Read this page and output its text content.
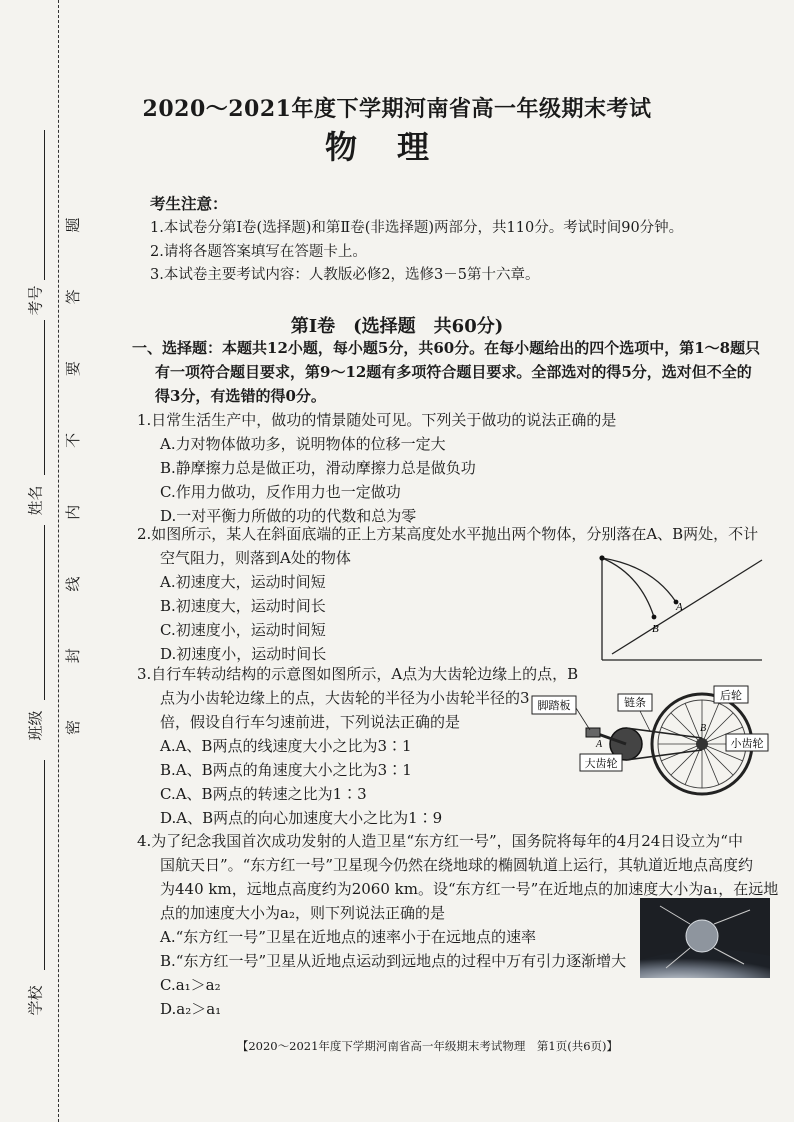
考号
姓名
班级
学校
密 封 线 内 不 要 答 题
2020～2021年度下学期河南省高一年级期末考试
物理
考生注意：
1.本试卷分第Ⅰ卷(选择题)和第Ⅱ卷(非选择题)两部分，共110分。考试时间90分钟。
2.请将各题答案填写在答题卡上。
3.本试卷主要考试内容：人教版必修2，选修3－5第十六章。
第Ⅰ卷　(选择题　共60分)
一、选择题：本题共12小题，每小题5分，共60分。在每小题给出的四个选项中，第1～8题只
有一项符合题目要求，第9～12题有多项符合题目要求。全部选对的得5分，选对但不全的
得3分，有选错的得0分。
1.日常生活生产中，做功的情景随处可见。下列关于做功的说法正确的是
A.力对物体做功多，说明物体的位移一定大
B.静摩擦力总是做正功，滑动摩擦力总是做负功
C.作用力做功，反作用力也一定做功
D.一对平衡力所做的功的代数和总为零
2.如图所示，某人在斜面底端的正上方某高度处水平抛出两个物体，分别落在A、B两处，不计
空气阻力，则落到A处的物体
A.初速度大，运动时间短
B.初速度大，运动时间长
C.初速度小，运动时间短
D.初速度小，运动时间长
A
B
3.自行车转动结构的示意图如图所示，A点为大齿轮边缘上的点，B
点为小齿轮边缘上的点，大齿轮的半径为小齿轮半径的3
倍，假设自行车匀速前进，下列说法正确的是
A.A、B两点的线速度大小之比为3∶1
B.A、B两点的角速度大小之比为3∶1
C.A、B两点的转速之比为1∶3
D.A、B两点的向心加速度大小之比为1∶9
脚踏板	链条
后轮
小齿轮
大齿轮
A
B
4.为了纪念我国首次成功发射的人造卫星“东方红一号”，国务院将每年的4月24日设立为“中
国航天日”。“东方红一号”卫星现今仍然在绕地球的椭圆轨道上运行，其轨道近地点高度约
为440 km，远地点高度约为2060 km。设“东方红一号”在近地点的加速度大小为a₁，在远地
点的加速度大小为a₂，则下列说法正确的是
A.“东方红一号”卫星在近地点的速率小于在远地点的速率
B.“东方红一号”卫星从近地点运动到远地点的过程中万有引力逐渐增大
C.a₁＞a₂
D.a₂＞a₁
【2020～2021年度下学期河南省高一年级期末考试物理　第1页(共6页)】
